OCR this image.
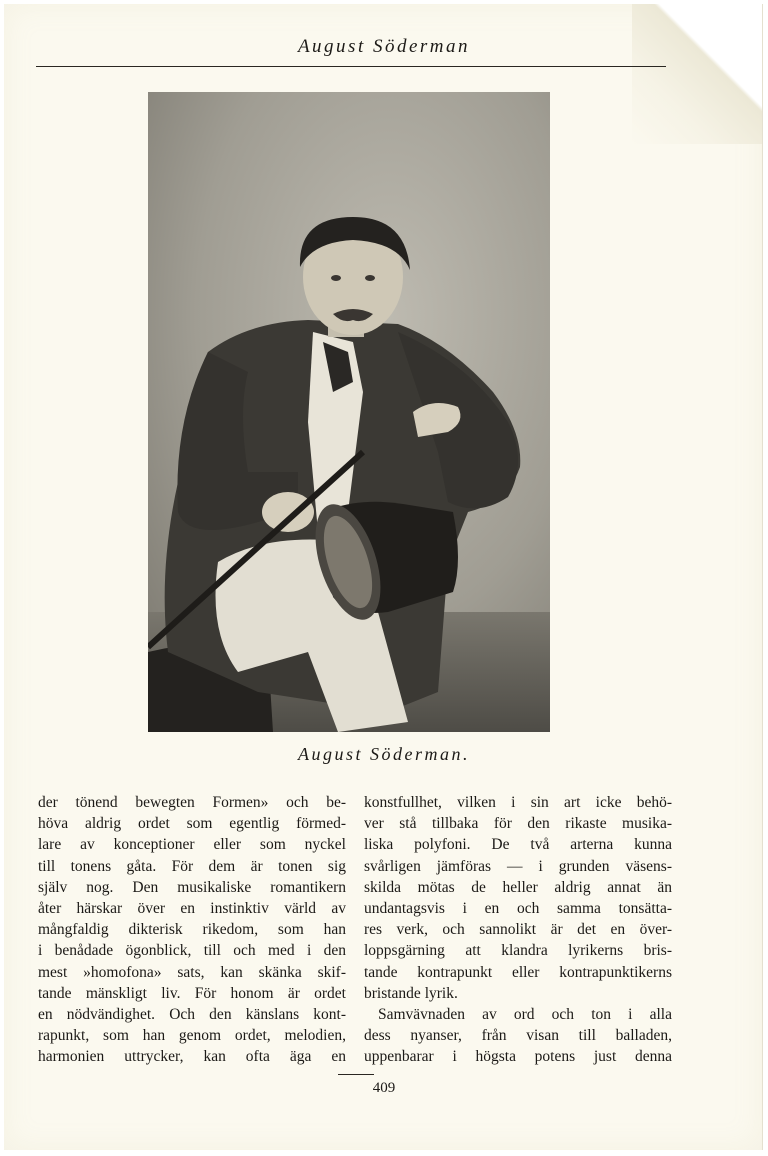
August Söderman
August Söderman.
der tönend bewegten Formen» och be-
höva aldrig ordet som egentlig förmed-
lare av konceptioner eller som nyckel
till tonens gåta. För dem är tonen sig
själv nog. Den musikaliske romantikern
åter härskar över en instinktiv värld av
mångfaldig dikterisk rikedom, som han
i benådade ögonblick, till och med i den
mest »homofona» sats, kan skänka skif-
tande mänskligt liv. För honom är ordet
en nödvändighet. Och den känslans kont-
rapunkt, som han genom ordet, melodien,
harmonien uttrycker, kan ofta äga en
konstfullhet, vilken i sin art icke behö-
ver stå tillbaka för den rikaste musika-
liska polyfoni. De två arterna kunna
svårligen jämföras — i grunden väsens-
skilda mötas de heller aldrig annat än
undantagsvis i en och samma tonsätta-
res verk, och sannolikt är det en över-
loppsgärning att klandra lyrikerns bris-
tande kontrapunkt eller kontrapunktikerns
bristande lyrik.
Samvävnaden av ord och ton i alla
dess nyanser, från visan till balladen,
uppenbarar i högsta potens just denna
409
